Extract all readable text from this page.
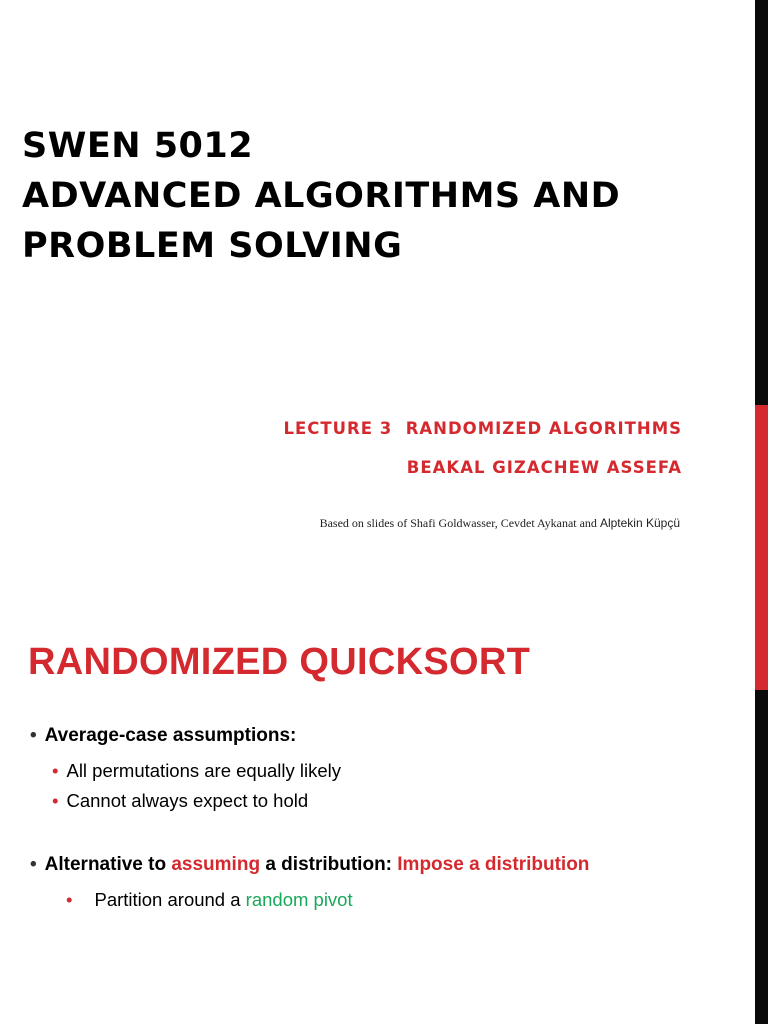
SWEN 5012
ADVANCED ALGORITHMS AND
PROBLEM SOLVING

LECTURE 3  RANDOMIZED ALGORITHMS

BEAKAL GIZACHEW ASSEFA

Based on slides of Shafi Goldwasser, Cevdet Aykanat and Alptekin Küpçü

RANDOMIZED QUICKSORT
• Average-case assumptions:
• All permutations are equally likely
• Cannot always expect to hold
• Alternative to assuming a distribution: Impose a distribution
• Partition around a random pivot
